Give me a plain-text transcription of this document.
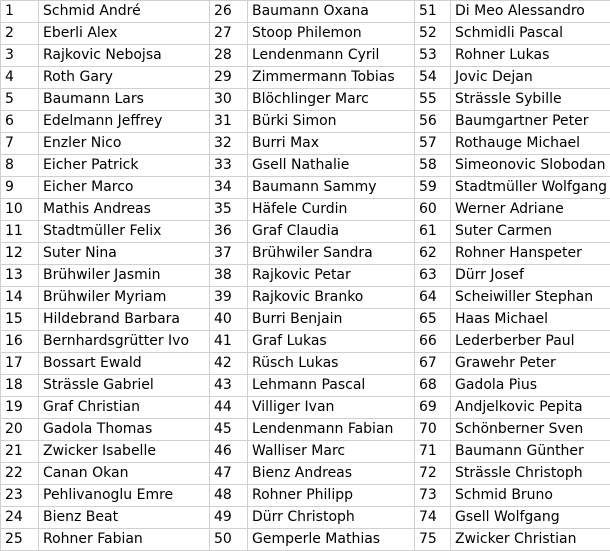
1	Schmid André	26	Baumann Oxana	51	Di Meo Alessandro
2	Eberli Alex	27	Stoop Philemon	52	Schmidli Pascal
3	Rajkovic Nebojsa	28	Lendenmann Cyril	53	Rohner Lukas
4	Roth Gary	29	Zimmermann Tobias	54	Jovic Dejan
5	Baumann Lars	30	Blöchlinger Marc	55	Strässle Sybille
6	Edelmann Jeffrey	31	Bürki Simon	56	Baumgartner Peter
7	Enzler Nico	32	Burri Max	57	Rothauge Michael
8	Eicher Patrick	33	Gsell Nathalie	58	Simeonovic Slobodan
9	Eicher Marco	34	Baumann Sammy	59	Stadtmüller Wolfgang
10	Mathis Andreas	35	Häfele Curdin	60	Werner Adriane
11	Stadtmüller Felix	36	Graf Claudia	61	Suter Carmen
12	Suter Nina	37	Brühwiler Sandra	62	Rohner Hanspeter
13	Brühwiler Jasmin	38	Rajkovic Petar	63	Dürr Josef
14	Brühwiler Myriam	39	Rajkovic Branko	64	Scheiwiller Stephan
15	Hildebrand Barbara	40	Burri Benjain	65	Haas Michael
16	Bernhardsgrütter Ivo	41	Graf Lukas	66	Lederberber Paul
17	Bossart Ewald	42	Rüsch Lukas	67	Grawehr Peter
18	Strässle Gabriel	43	Lehmann Pascal	68	Gadola Pius
19	Graf Christian	44	Villiger Ivan	69	Andjelkovic Pepita
20	Gadola Thomas	45	Lendenmann Fabian	70	Schönberner Sven
21	Zwicker Isabelle	46	Walliser Marc	71	Baumann Günther
22	Canan Okan	47	Bienz Andreas	72	Strässle Christoph
23	Pehlivanoglu Emre	48	Rohner Philipp	73	Schmid Bruno
24	Bienz Beat	49	Dürr Christoph	74	Gsell Wolfgang
25	Rohner Fabian	50	Gemperle Mathias	75	Zwicker Christian
